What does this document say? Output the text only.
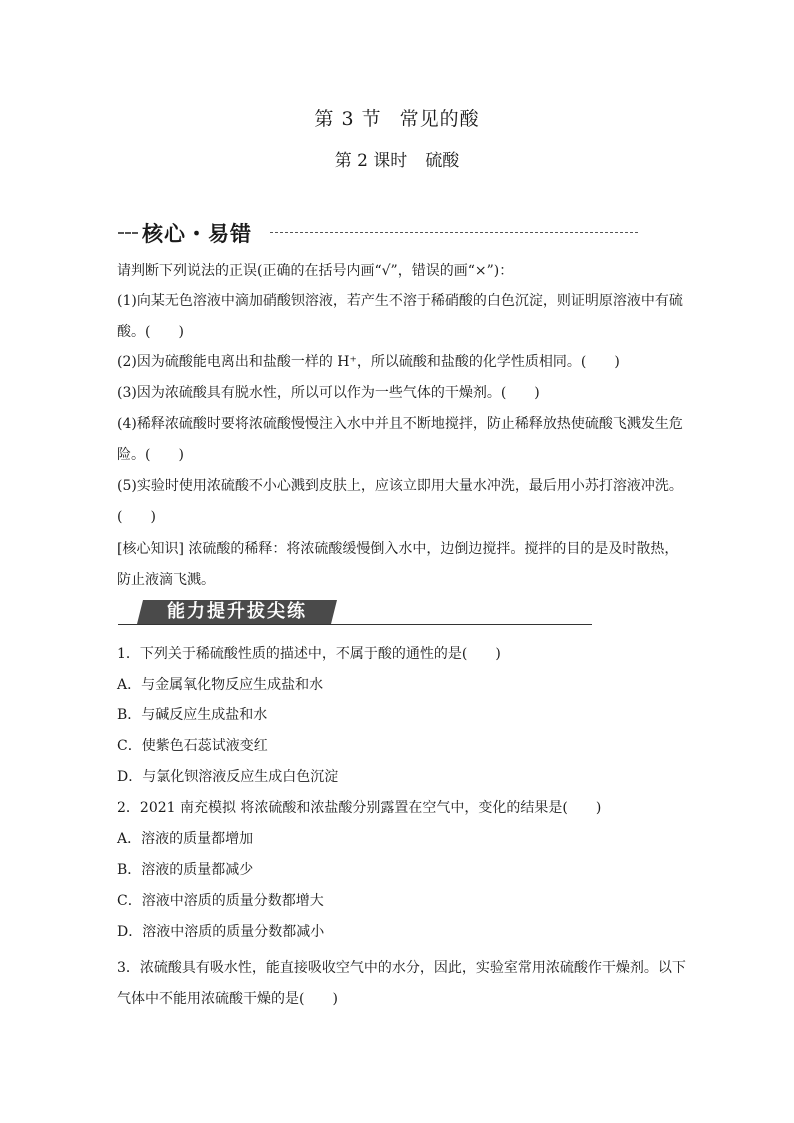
第 3 节 常见的酸
第 2 课时 硫酸
核心・易错
请判断下列说法的正误(正确的在括号内画“√”，错误的画“×”)：
(1)向某无色溶液中滴加硝酸钡溶液，若产生不溶于稀硝酸的白色沉淀，则证明原溶液中有硫酸。(　　)
(2)因为硫酸能电离出和盐酸一样的 H⁺，所以硫酸和盐酸的化学性质相同。(　　)
(3)因为浓硫酸具有脱水性，所以可以作为一些气体的干燥剂。(　　)
(4)稀释浓硫酸时要将浓硫酸慢慢注入水中并且不断地搅拌，防止稀释放热使硫酸飞溅发生危险。(　　)
(5)实验时使用浓硫酸不小心溅到皮肤上，应该立即用大量水冲洗，最后用小苏打溶液冲洗。(　　)
[核心知识] 浓硫酸的稀释：将浓硫酸缓慢倒入水中，边倒边搅拌。搅拌的目的是及时散热，防止液滴飞溅。
能力提升拔尖练
1．下列关于稀硫酸性质的描述中，不属于酸的通性的是(　　)
A．与金属氧化物反应生成盐和水
B．与碱反应生成盐和水
C．使紫色石蕊试液变红
D．与氯化钡溶液反应生成白色沉淀
2．2021 南充模拟 将浓硫酸和浓盐酸分别露置在空气中，变化的结果是(　　)
A．溶液的质量都增加
B．溶液的质量都减少
C．溶液中溶质的质量分数都增大
D．溶液中溶质的质量分数都减小
3．浓硫酸具有吸水性，能直接吸收空气中的水分，因此，实验室常用浓硫酸作干燥剂。以下气体中不能用浓硫酸干燥的是(　　)
